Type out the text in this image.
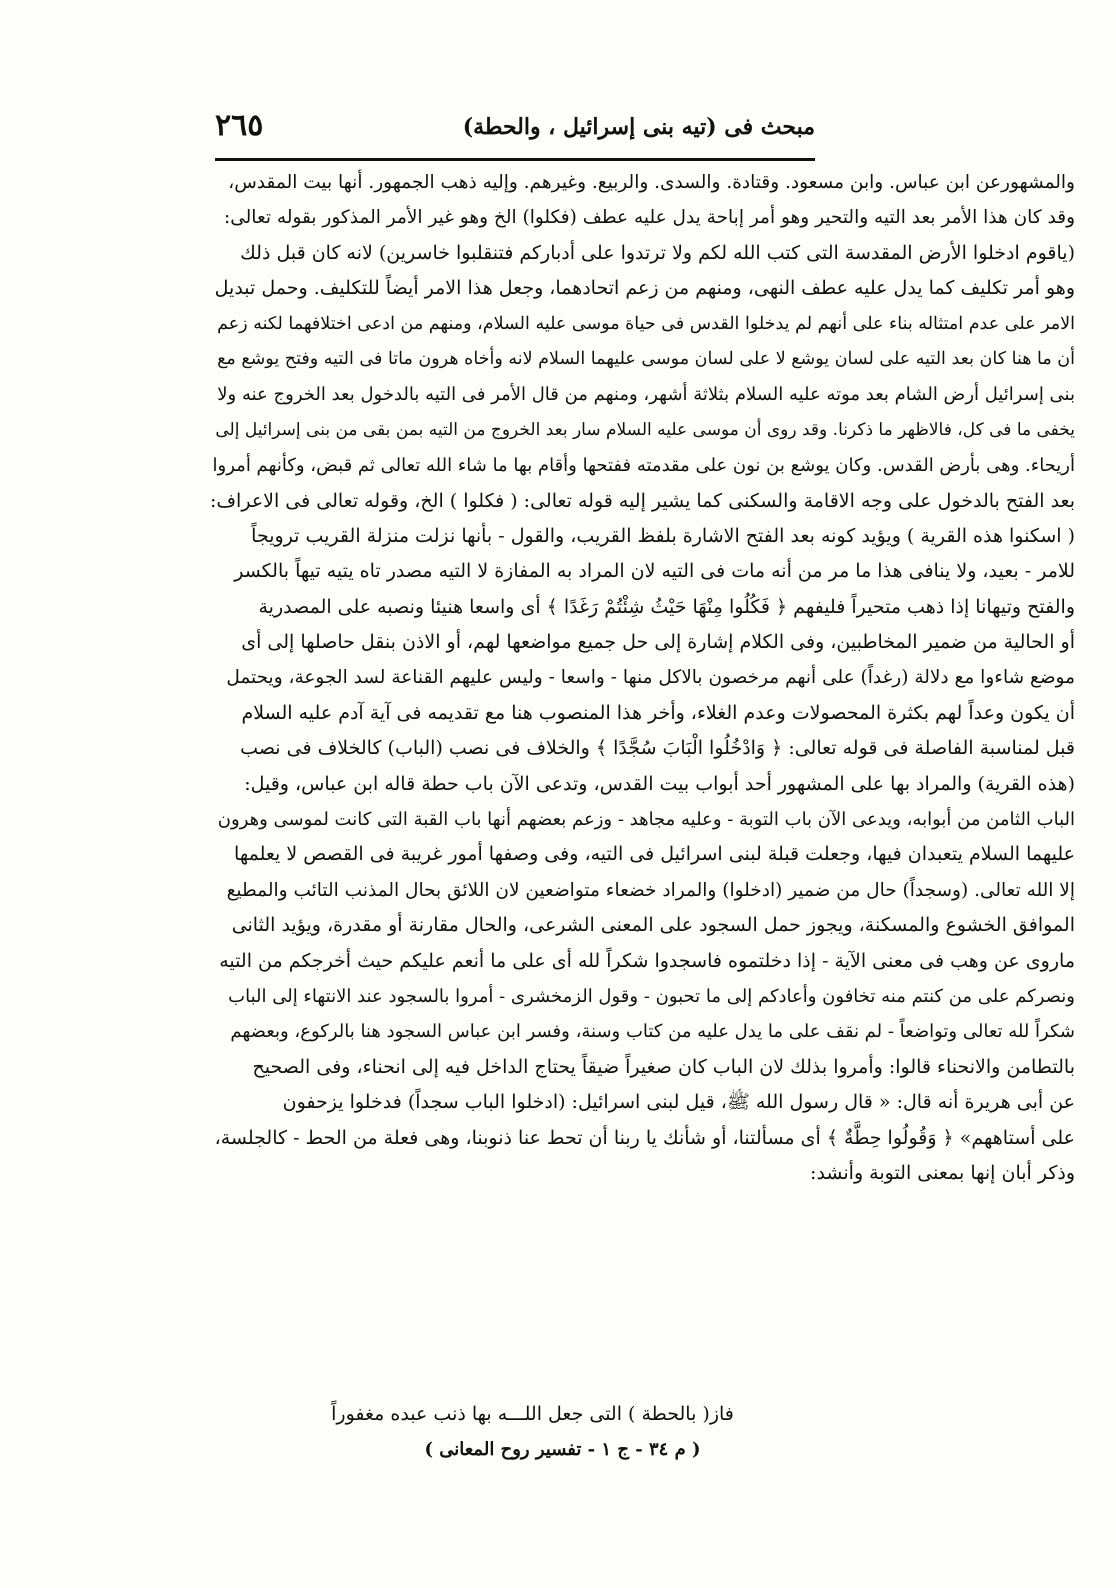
٢٦٥	مبحث فى (تيه بنى إسرائيل ، والحطة)
والمشهورعن ابن عباس. وابن مسعود. وقتادة. والسدى. والربيع. وغيرهم. وإليه ذهب الجمهور. أنها بيت المقدس،
وقد كان هذا الأمر بعد التيه والتحير وهو أمر إباحة يدل عليه عطف (فكلوا) الخ وهو غير الأمر المذكور بقوله تعالى:
(ياقوم ادخلوا الأرض المقدسة التى كتب الله لكم ولا ترتدوا على أدباركم فتنقلبوا خاسرين) لانه كان قبل ذلك
وهو أمر تكليف كما يدل عليه عطف النهى، ومنهم من زعم اتحادهما، وجعل هذا الامر أيضاً للتكليف. وحمل تبديل
الامر على عدم امتثاله بناء على أنهم لم يدخلوا القدس فى حياة موسى عليه السلام، ومنهم من ادعى اختلافهما لكنه زعم
أن ما هنا كان بعد التيه على لسان يوشع لا على لسان موسى عليهما السلام لانه وأخاه هرون ماتا فى التيه وفتح يوشع مع
بنى إسرائيل أرض الشام بعد موته عليه السلام بثلاثة أشهر، ومنهم من قال الأمر فى التيه بالدخول بعد الخروج عنه ولا
يخفى ما فى كل، فالاظهر ما ذكرنا. وقد روى أن موسى عليه السلام سار بعد الخروج من التيه بمن بقى من بنى إسرائيل إلى
أريحاء. وهى بأرض القدس. وكان يوشع بن نون على مقدمته ففتحها وأقام بها ما شاء الله تعالى ثم قبض، وكأنهم أمروا
بعد الفتح بالدخول على وجه الاقامة والسكنى كما يشير إليه قوله تعالى: ( فكلوا ) الخ، وقوله تعالى فى الاعراف:
( اسكنوا هذه القرية ) ويؤيد كونه بعد الفتح الاشارة بلفظ القريب، والقول - بأنها نزلت منزلة القريب ترويجاً
للامر - بعيد، ولا ينافى هذا ما مر من أنه مات فى التيه لان المراد به المفازة لا التيه مصدر تاه يتيه تيهاً بالكسر
والفتح وتيهانا إذا ذهب متحيراً فليفهم ﴿ فَكُلُوا مِنْهَا حَيْثُ شِئْتُمْ رَغَدًا ﴾ أى واسعا هنيئا ونصبه على المصدرية
أو الحالية من ضمير المخاطبين، وفى الكلام إشارة إلى حل جميع مواضعها لهم، أو الاذن بنقل حاصلها إلى أى
موضع شاءوا مع دلالة (رغداً) على أنهم مرخصون بالاكل منها - واسعا - وليس عليهم القناعة لسد الجوعة، ويحتمل
أن يكون وعداً لهم بكثرة المحصولات وعدم الغلاء، وأخر هذا المنصوب هنا مع تقديمه فى آية آدم عليه السلام
قبل لمناسبة الفاصلة فى قوله تعالى: ﴿ وَادْخُلُوا الْبَابَ سُجَّدًا ﴾ والخلاف فى نصب (الباب) كالخلاف فى نصب
(هذه القرية) والمراد بها على المشهور أحد أبواب بيت القدس، وتدعى الآن باب حطة قاله ابن عباس، وقيل:
الباب الثامن من أبوابه، ويدعى الآن باب التوبة - وعليه مجاهد - وزعم بعضهم أنها باب القبة التى كانت لموسى وهرون
عليهما السلام يتعبدان فيها، وجعلت قبلة لبنى اسرائيل فى التيه، وفى وصفها أمور غريبة فى القصص لا يعلمها
إلا الله تعالى. (وسجداً) حال من ضمير (ادخلوا) والمراد خضعاء متواضعين لان اللائق بحال المذنب التائب والمطيع
الموافق الخشوع والمسكنة، ويجوز حمل السجود على المعنى الشرعى، والحال مقارنة أو مقدرة، ويؤيد الثانى
ماروى عن وهب فى معنى الآية - إذا دخلتموه فاسجدوا شكراً لله أى على ما أنعم عليكم حيث أخرجكم من التيه
ونصركم على من كنتم منه تخافون وأعادكم إلى ما تحبون - وقول الزمخشرى - أمروا بالسجود عند الانتهاء إلى الباب
شكراً لله تعالى وتواضعاً - لم نقف على ما يدل عليه من كتاب وسنة، وفسر ابن عباس السجود هنا بالركوع، وبعضهم
بالتطامن والانحناء قالوا: وأمروا بذلك لان الباب كان صغيراً ضيقاً يحتاج الداخل فيه إلى انحناء، وفى الصحيح
عن أبى هريرة أنه قال: « قال رسول الله ﷺ، قيل لبنى اسرائيل: (ادخلوا الباب سجداً) فدخلوا يزحفون
على أستاههم» ﴿ وَقُولُوا حِطَّةٌ ﴾ أى مسألتنا، أو شأنك يا ربنا أن تحط عنا ذنوبنا، وهى فعلة من الحط - كالجلسة،
وذكر أبان إنها بمعنى التوبة وأنشد:
فاز( بالحطة ) التى جعل اللـــه بها ذنب عبده مغفوراً
( م ٣٤ - ج ١ - تفسير روح المعانى )
